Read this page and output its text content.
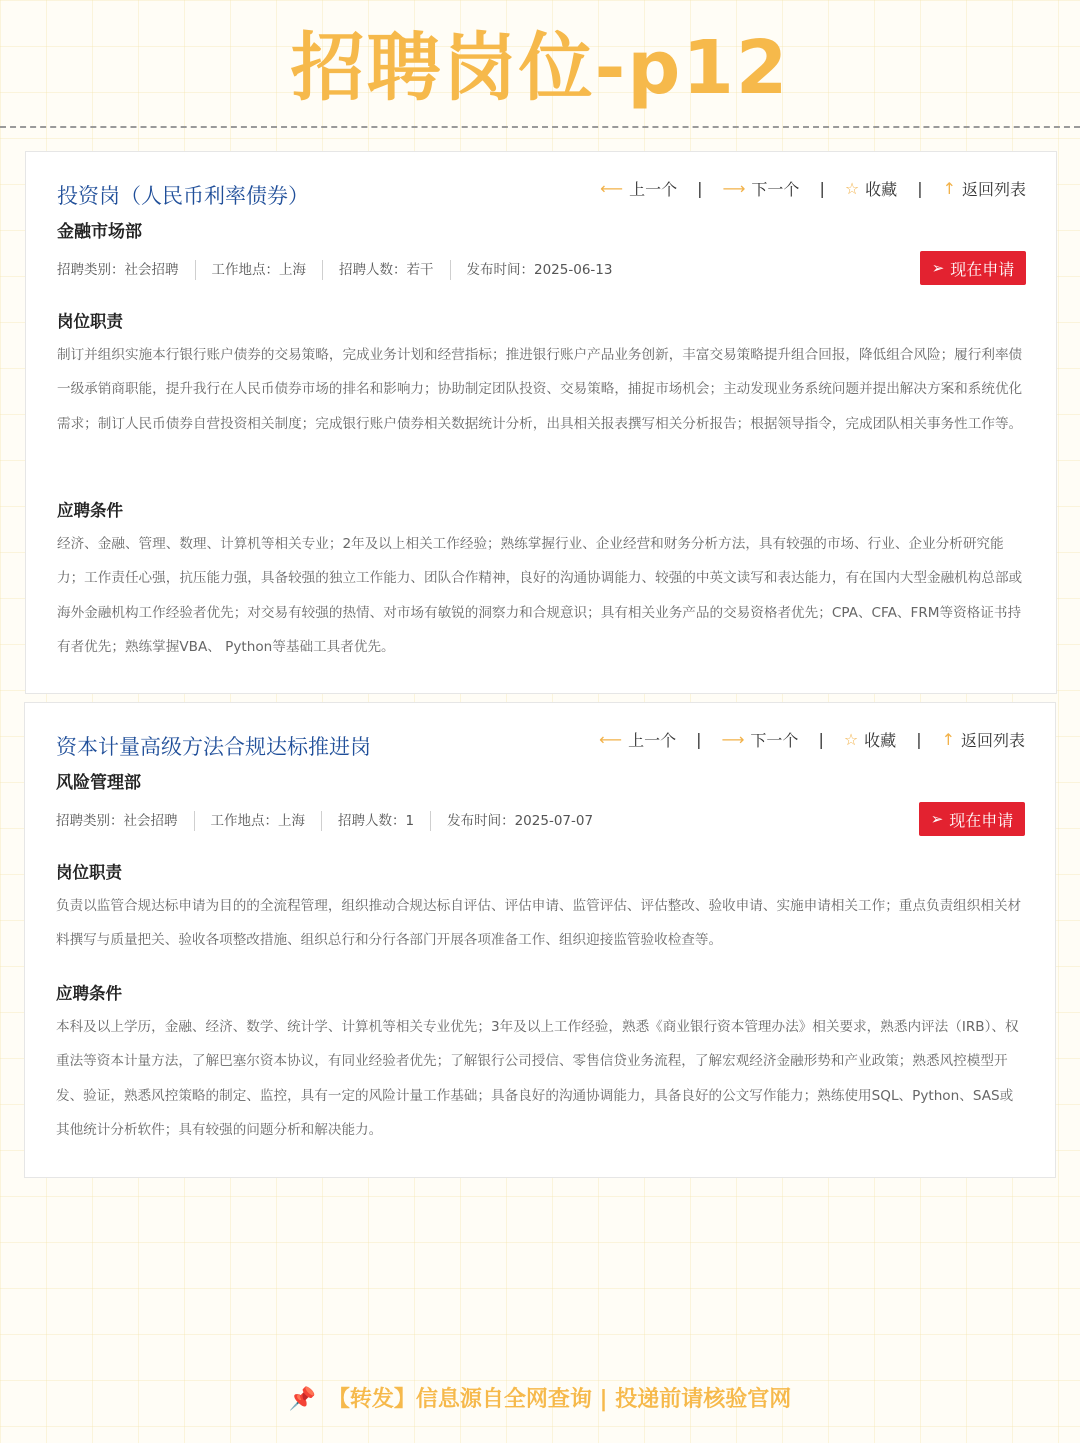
招聘岗位-p12
投资岗（人民币利率债券）
金融市场部
⟵ 上一个 | ⟶ 下一个 | ☆ 收藏 | ↑ 返回列表
招聘类别：社会招聘	工作地点：上海	招聘人数：若干	发布时间：2025-06-13	➢ 现在申请
岗位职责
制订并组织实施本行银行账户债券的交易策略，完成业务计划和经营指标；推进银行账户产品业务创新，丰富交易策略提升组合回报，降低组合风险；履行利率债一级承销商职能，提升我行在人民币债券市场的排名和影响力；协助制定团队投资、交易策略，捕捉市场机会；主动发现业务系统问题并提出解决方案和系统优化需求；制订人民币债券自营投资相关制度；完成银行账户债券相关数据统计分析，出具相关报表撰写相关分析报告；根据领导指令，完成团队相关事务性工作等。
应聘条件
经济、金融、管理、数理、计算机等相关专业；2年及以上相关工作经验；熟练掌握行业、企业经营和财务分析方法，具有较强的市场、行业、企业分析研究能力；工作责任心强，抗压能力强，具备较强的独立工作能力、团队合作精神，良好的沟通协调能力、较强的中英文读写和表达能力，有在国内大型金融机构总部或海外金融机构工作经验者优先；对交易有较强的热情、对市场有敏锐的洞察力和合规意识；具有相关业务产品的交易资格者优先；CPA、CFA、FRM等资格证书持有者优先；熟练掌握VBA、 Python等基础工具者优先。
资本计量高级方法合规达标推进岗
风险管理部
⟵ 上一个 | ⟶ 下一个 | ☆ 收藏 | ↑ 返回列表
招聘类别：社会招聘	工作地点：上海	招聘人数：1	发布时间：2025-07-07	➢ 现在申请
岗位职责
负责以监管合规达标申请为目的的全流程管理，组织推动合规达标自评估、评估申请、监管评估、评估整改、验收申请、实施申请相关工作；重点负责组织相关材料撰写与质量把关、验收各项整改措施、组织总行和分行各部门开展各项准备工作、组织迎接监管验收检查等。
应聘条件
本科及以上学历，金融、经济、数学、统计学、计算机等相关专业优先；3年及以上工作经验，熟悉《商业银行资本管理办法》相关要求，熟悉内评法（IRB）、权重法等资本计量方法，了解巴塞尔资本协议，有同业经验者优先；了解银行公司授信、零售信贷业务流程，了解宏观经济金融形势和产业政策；熟悉风控模型开发、验证，熟悉风控策略的制定、监控，具有一定的风险计量工作基础；具备良好的沟通协调能力，具备良好的公文写作能力；熟练使用SQL、Python、SAS或其他统计分析软件；具有较强的问题分析和解决能力。
📌 【转发】信息源自全网查询 | 投递前请核验官网
